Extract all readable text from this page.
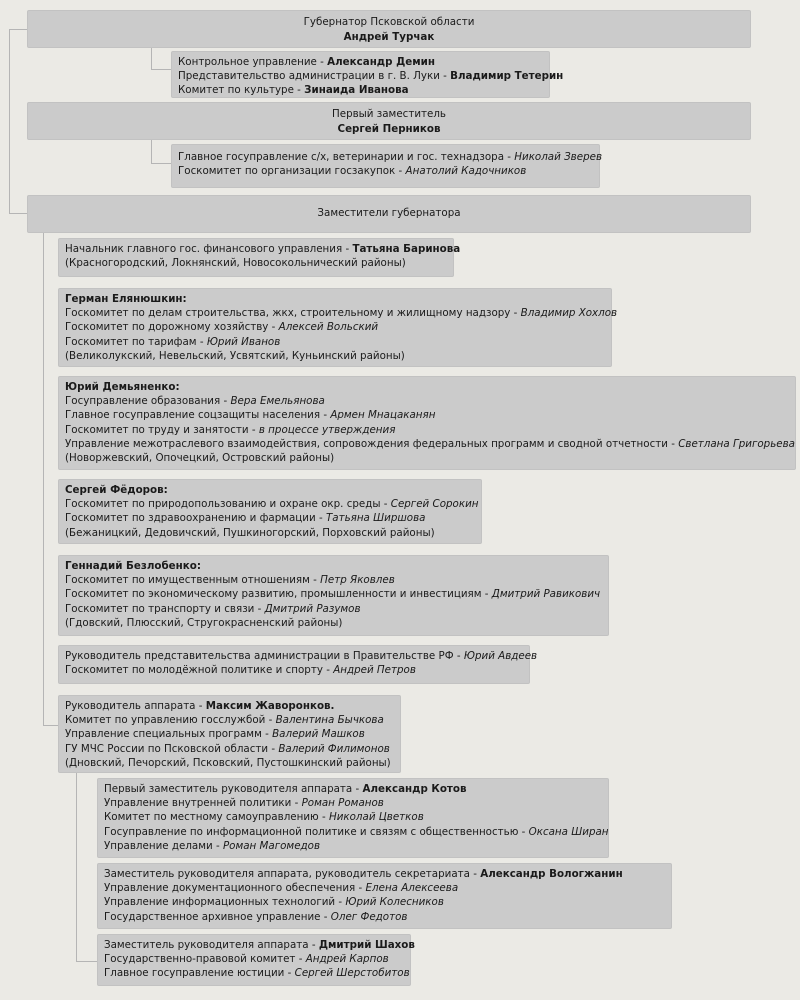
Губернатор Псковской области
Андрей Турчак
Контрольное управление - Александр Демин
Представительство администрации в г. В. Луки - Владимир Тетерин
Комитет по культуре - Зинаида Иванова
Первый заместитель
Сергей Перников
Главное госуправление с/х, ветеринарии и гос. технадзора - Николай Зверев
Госкомитет по организации госзакупок - Анатолий Кадочников
Заместители губернатора
Начальник главного гос. финансового управления - Татьяна Баринова
(Красногородский, Локнянский, Новосокольнический районы)
Герман Елянюшкин:
Госкомитет по делам строительства, жкх, строительному и жилищному надзору - Владимир Хохлов
Госкомитет по дорожному хозяйству - Алексей Вольский
Госкомитет по тарифам - Юрий Иванов
(Великолукский, Невельский, Усвятский, Куньинский районы)
Юрий Демьяненко:
Госуправление образования - Вера Емельянова
Главное госуправление соцзащиты населения - Армен Мнацаканян
Госкомитет по труду и занятости - в процессе утверждения
Управление межотраслевого взаимодействия, сопровождения федеральных программ и сводной отчетности - Светлана Григорьева
(Новоржевский, Опочецкий, Островский районы)
Сергей Фёдоров:
Госкомитет по природопользованию и охране окр. среды - Сергей Сорокин
Госкомитет по здравоохранению и фармации - Татьяна Ширшова
(Бежаницкий, Дедовичский, Пушкиногорский, Порховский районы)
Геннадий Безлобенко:
Госкомитет по имущественным отношениям - Петр Яковлев
Госкомитет по экономическому развитию, промышленности и инвестициям - Дмитрий Равикович
Госкомитет по транспорту и связи - Дмитрий Разумов
(Гдовский, Плюсский, Стругокрасненский районы)
Руководитель представительства администрации в Правительстве РФ - Юрий Авдеев
Госкомитет по молодёжной политике и спорту - Андрей Петров
Руководитель аппарата - Максим Жаворонков.
Комитет по управлению госслужбой - Валентина Бычкова
Управление специальных программ - Валерий Машков
ГУ МЧС России по Псковской области - Валерий Филимонов
(Дновский, Печорский, Псковский, Пустошкинский районы)
Первый заместитель руководителя аппарата - Александр Котов
Управление внутренней политики - Роман Романов
Комитет по местному самоуправлению - Николай Цветков
Госуправление по информационной политике и связям с общественностью - Оксана Ширан
Управление делами - Роман Магомедов
Заместитель руководителя аппарата, руководитель секретариата - Александр Вологжанин
Управление документационного обеспечения - Елена Алексеева
Управление информационных технологий - Юрий Колесников
Государственное архивное управление - Олег Федотов
Заместитель руководителя аппарата - Дмитрий Шахов
Государственно-правовой комитет - Андрей Карпов
Главное госуправление юстиции - Сергей Шерстобитов
